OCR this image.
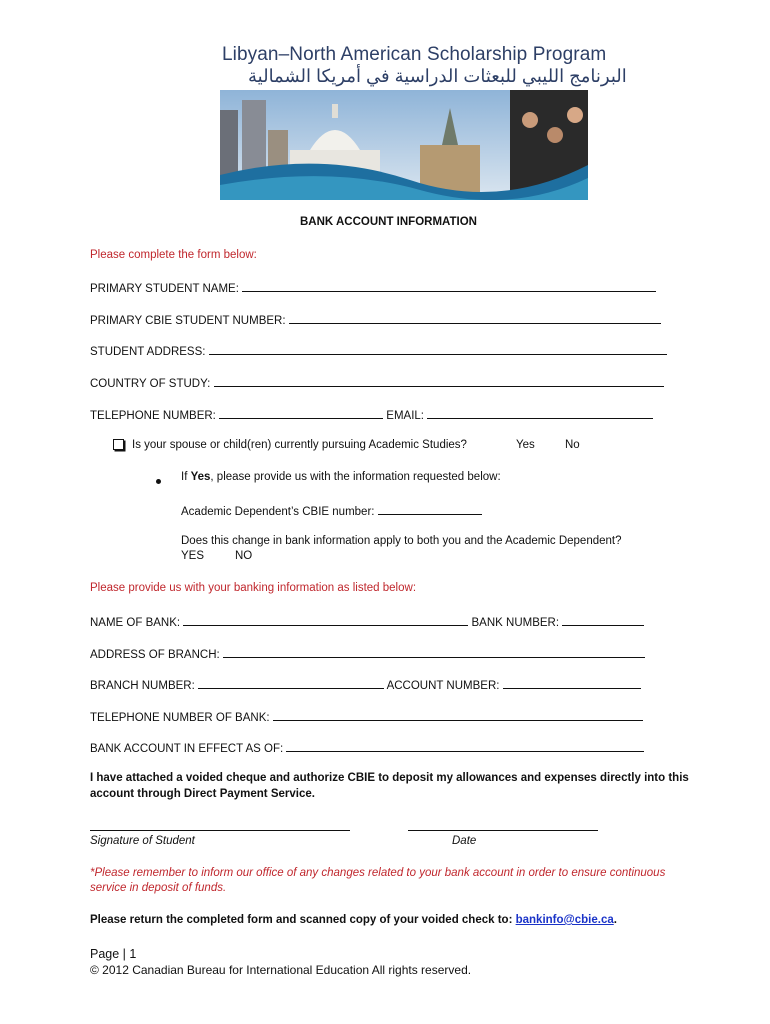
Libyan–North American Scholarship Program
البرنامج الليبي للبعثات الدراسية في أمريكا الشمالية
BANK ACCOUNT INFORMATION
Please complete the form below:
PRIMARY STUDENT NAME:
PRIMARY CBIE STUDENT NUMBER:
STUDENT ADDRESS:
COUNTRY OF STUDY:
TELEPHONE NUMBER:	EMAIL:
Is your spouse or child(ren) currently pursuing Academic Studies?	Yes	No
If Yes, please provide us with the information requested below:
Academic Dependent’s CBIE number:
Does this change in bank information apply to both you and the Academic Dependent?
YES	NO
Please provide us with your banking information as listed below:
NAME OF BANK:	BANK NUMBER:
ADDRESS OF BRANCH:
BRANCH NUMBER:	ACCOUNT NUMBER:
TELEPHONE NUMBER OF BANK:
BANK ACCOUNT IN EFFECT AS OF:
I have attached a voided cheque and authorize CBIE to deposit my allowances and expenses directly into this
account through Direct Payment Service.
Signature of Student	Date
*Please remember to inform our office of any changes related to your bank account in order to ensure continuous
service in deposit of funds.
Please return the completed form and scanned copy of your voided check to: bankinfo@cbie.ca.
Page | 1
© 2012 Canadian Bureau for International Education All rights reserved.
